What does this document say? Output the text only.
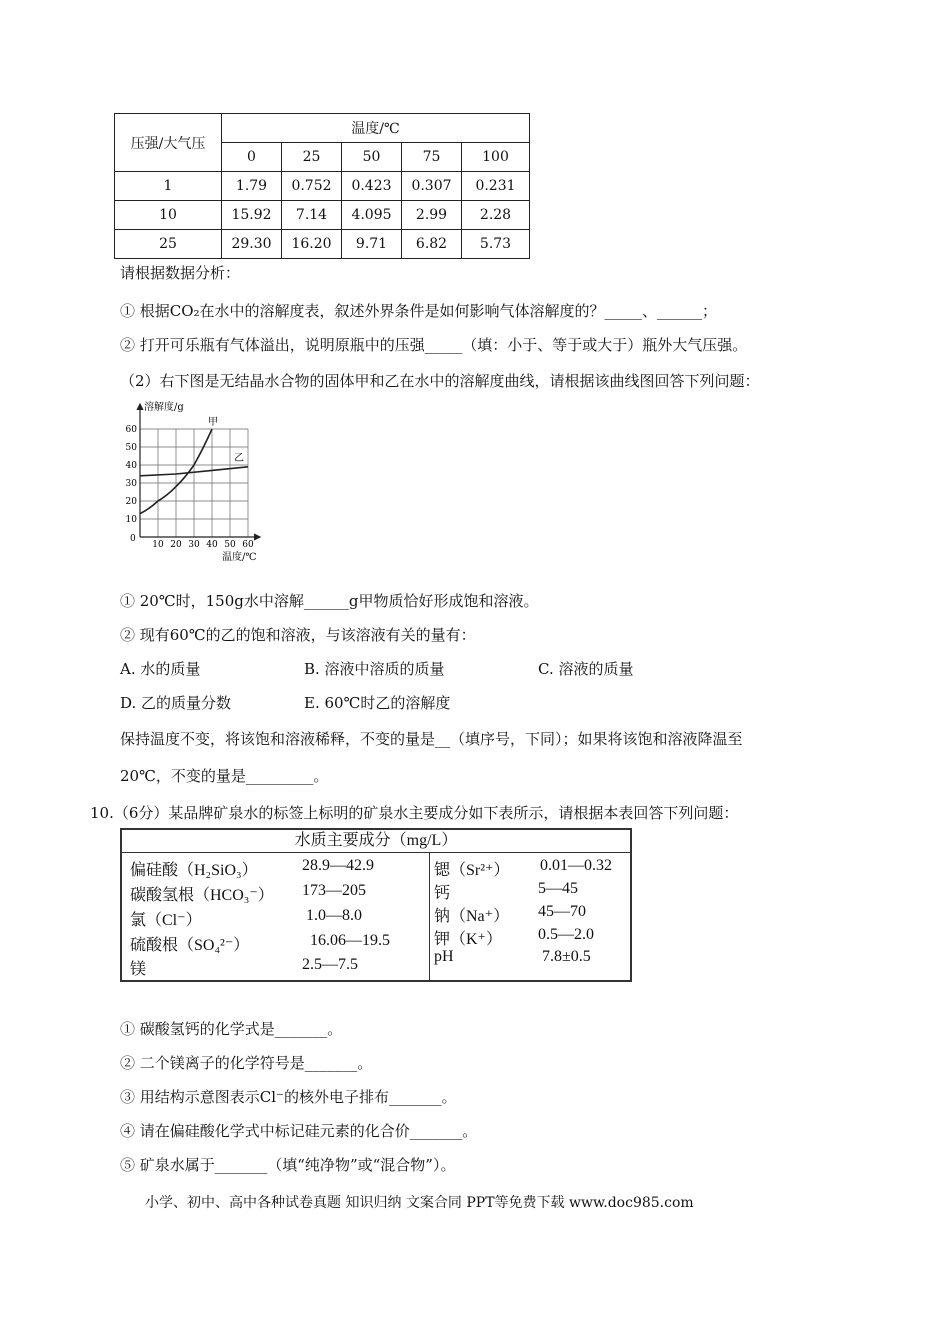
压强/大气压	温度/℃				
	0	25	50	75	100
1	1.79	0.752	0.423	0.307	0.231
10	15.92	7.14	4.095	2.99	2.28
25	29.30	16.20	9.71	6.82	5.73
请根据数据分析：
① 根据CO₂在水中的溶解度表，叙述外界条件是如何影响气体溶解度的？_____、______；
② 打开可乐瓶有气体溢出，说明原瓶中的压强_____（填：小于、等于或大于）瓶外大气压强。
（2）右下图是无结晶水合物的固体甲和乙在水中的溶解度曲线，请根据该曲线图回答下列问题：
溶解度/g
温度/℃
0
10 20 30 40 50 60
10
20
30
40
50
60
甲
乙
① 20℃时，150g水中溶解______g甲物质恰好形成饱和溶液。
② 现有60℃的乙的饱和溶液，与该溶液有关的量有：
A. 水的质量	B. 溶液中溶质的质量	C. 溶液的质量
D. 乙的质量分数	E. 60℃时乙的溶解度
保持温度不变，将该饱和溶液稀释，不变的量是__（填序号，下同）；如果将该饱和溶液降温至
20℃，不变的量是_________。
10.（6分）某品牌矿泉水的标签上标明的矿泉水主要成分如下表所示，请根据本表回答下列问题：
水质主要成分（mg/L）
偏硅酸（H₂SiO₃）	28.9—42.9
碳酸氢根（HCO₃⁻） 173—205
氯（Cl⁻）	1.0—8.0
硫酸根（SO₄²⁻）	16.06—19.5
镁	2.5—7.5
锶（Sr²⁺） 0.01—0.32
钙	5—45
钠（Na⁺） 45—70
钾（K⁺） 0.5—2.0
pH	7.8±0.5
① 碳酸氢钙的化学式是_______。
② 二个镁离子的化学符号是_______。
③ 用结构示意图表示Cl⁻的核外电子排布_______。
④ 请在偏硅酸化学式中标记硅元素的化合价_______。
⑤ 矿泉水属于_______（填“纯净物”或“混合物”）。
小学、初中、高中各种试卷真题 知识归纳 文案合同 PPT等免费下载 www.doc985.com
